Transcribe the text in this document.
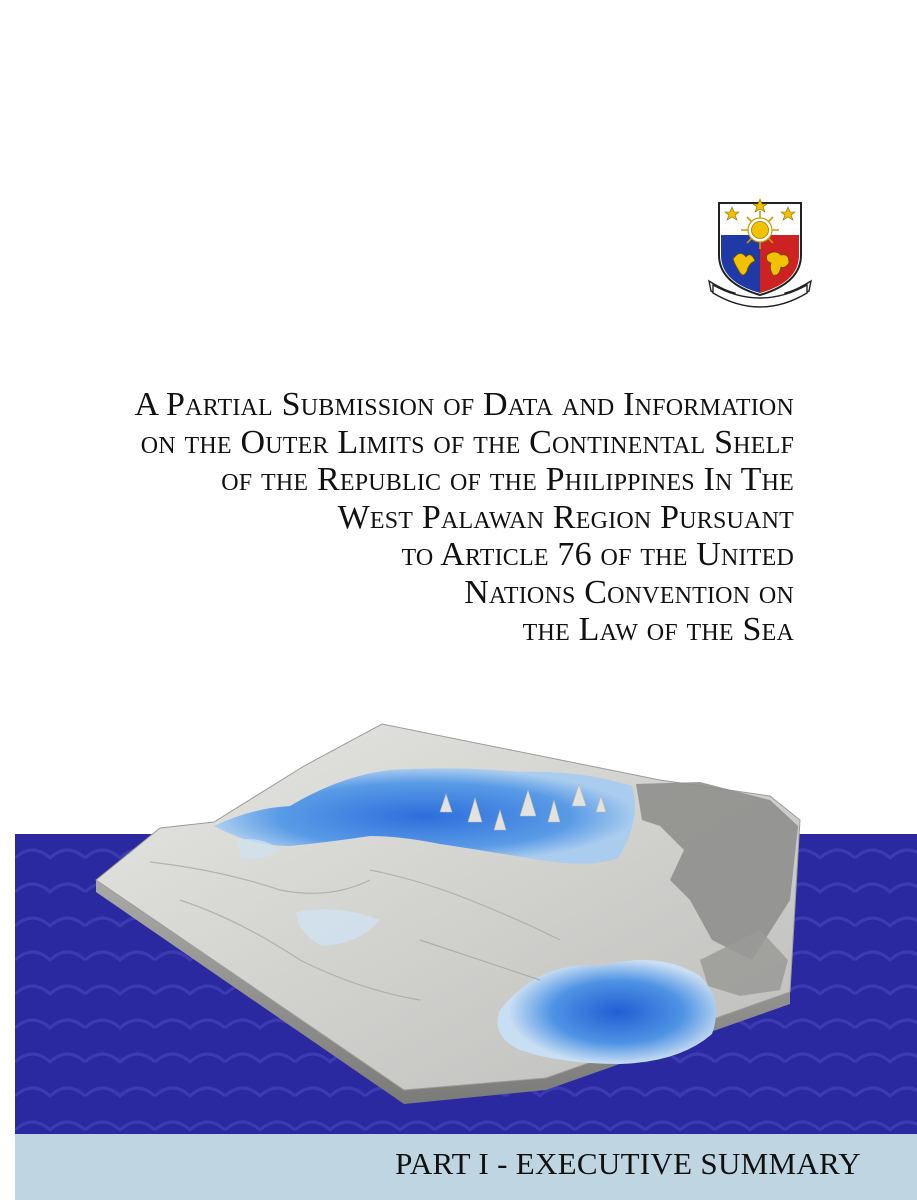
A Partial Submission of Data and Information
on the Outer Limits of the Continental Shelf
of the Republic of the Philippines In The
West Palawan Region Pursuant
to Article 76 of the United
Nations Convention on
the Law of the Sea
PART I - EXECUTIVE SUMMARY
